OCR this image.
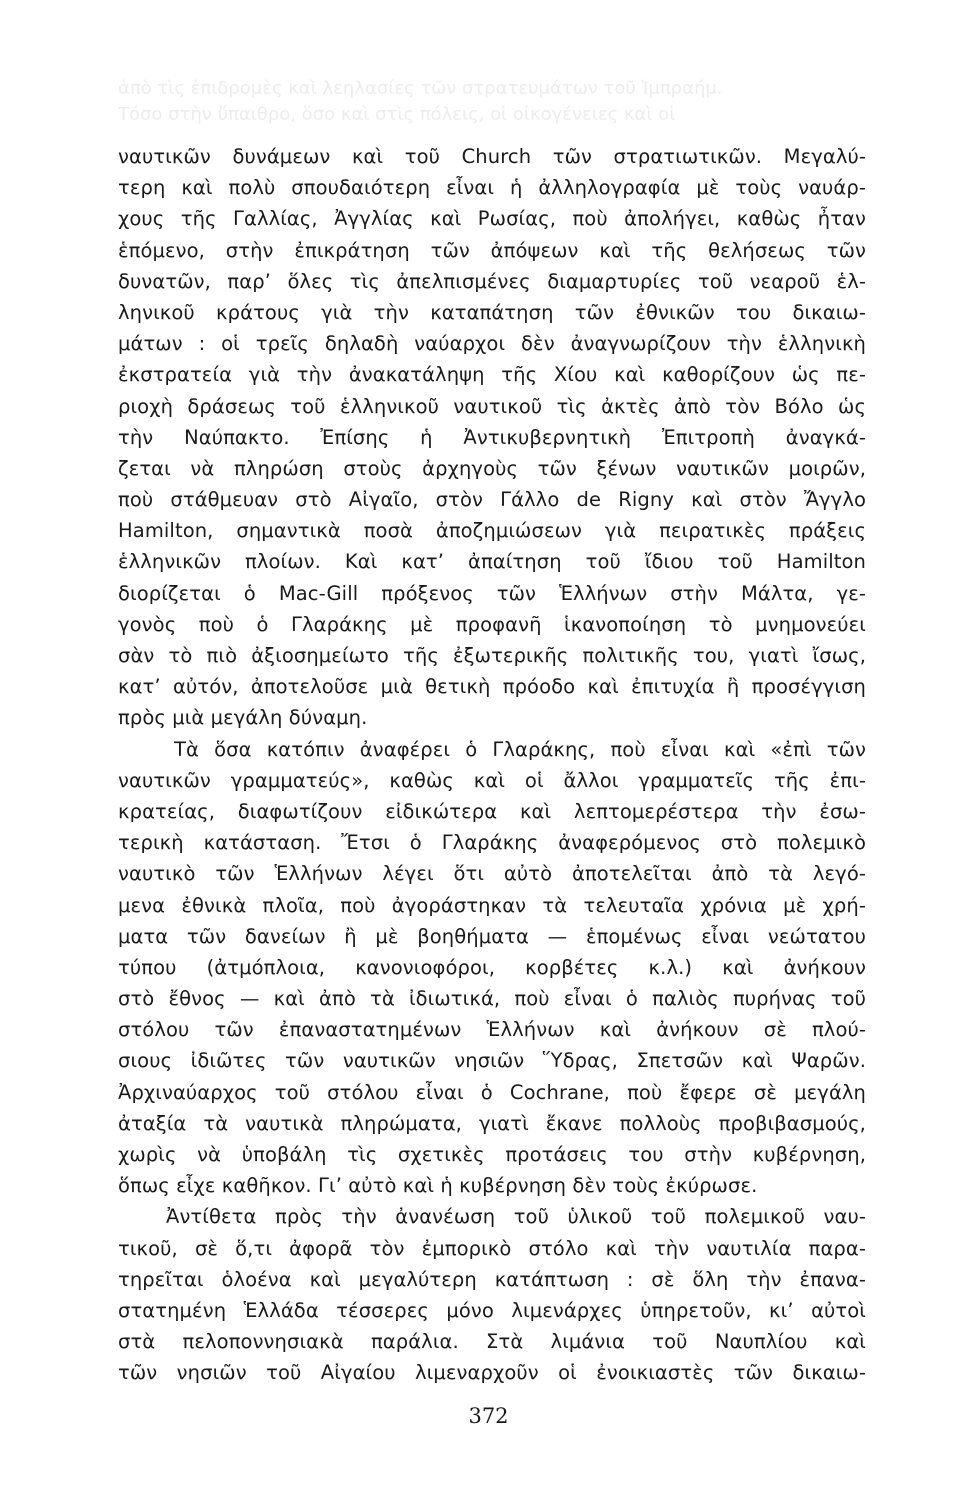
ἀπὸ τὶς ἐπιδρομὲς καὶ λεηλασίες τῶν στρατευμάτων τοῦ Ἰμπραήμ.
Τόσο στὴν ὕπαιθρο, ὅσο καὶ στὶς πόλεις, οἱ οἰκογένειες καὶ οἱ
ναυτικῶν δυνάμεων καὶ τοῦ Church τῶν στρατιωτικῶν. Μεγαλύ-
τερη καὶ πολὺ σπουδαιότερη εἶναι ἡ ἀλληλογραφία μὲ τοὺς ναυάρ-
χους τῆς Γαλλίας, Ἀγγλίας καὶ Ρωσίας, ποὺ ἀπολήγει, καθὼς ἦταν
ἑπόμενο, στὴν ἐπικράτηση τῶν ἀπόψεων καὶ τῆς θελήσεως τῶν
δυνατῶν, παρ’ ὅλες τὶς ἀπελπισμένες διαμαρτυρίες τοῦ νεαροῦ ἑλ-
ληνικοῦ κράτους γιὰ τὴν καταπάτηση τῶν ἐθνικῶν του δικαιω-
μάτων : οἱ τρεῖς δηλαδὴ ναύαρχοι δὲν ἀναγνωρίζουν τὴν ἑλληνικὴ
ἐκστρατεία γιὰ τὴν ἀνακατάληψη τῆς Χίου καὶ καθορίζουν ὡς πε-
ριοχὴ δράσεως τοῦ ἑλληνικοῦ ναυτικοῦ τὶς ἀκτὲς ἀπὸ τὸν Βόλο ὡς
τὴν Ναύπακτο. Ἐπίσης ἡ Ἀντικυβερνητικὴ Ἐπιτροπὴ ἀναγκά-
ζεται νὰ πληρώση στοὺς ἀρχηγοὺς τῶν ξένων ναυτικῶν μοιρῶν,
ποὺ στάθμευαν στὸ Αἰγαῖο, στὸν Γάλλο de Rigny καὶ στὸν Ἄγγλο
Hamilton, σημαντικὰ ποσὰ ἀποζημιώσεων γιὰ πειρατικὲς πράξεις
ἑλληνικῶν πλοίων. Καὶ κατ’ ἀπαίτηση τοῦ ἴδιου τοῦ Hamilton
διορίζεται ὁ Mac-Gill πρόξενος τῶν Ἑλλήνων στὴν Μάλτα, γε-
γονὸς ποὺ ὁ Γλαράκης μὲ προφανῆ ἱκανοποίηση τὸ μνημονεύει
σὰν τὸ πιὸ ἀξιοσημείωτο τῆς ἐξωτερικῆς πολιτικῆς του, γιατὶ ἴσως,
κατ’ αὐτόν, ἀποτελοῦσε μιὰ θετικὴ πρόοδο καὶ ἐπιτυχία ἢ προσέγγιση
πρὸς μιὰ μεγάλη δύναμη.
Τὰ ὅσα κατόπιν ἀναφέρει ὁ Γλαράκης, ποὺ εἶναι καὶ «ἐπὶ τῶν
ναυτικῶν γραμματεύς», καθὼς καὶ οἱ ἄλλοι γραμματεῖς τῆς ἐπι-
κρατείας, διαφωτίζουν εἰδικώτερα καὶ λεπτομερέστερα τὴν ἐσω-
τερικὴ κατάσταση. Ἔτσι ὁ Γλαράκης ἀναφερόμενος στὸ πολεμικὸ
ναυτικὸ τῶν Ἑλλήνων λέγει ὅτι αὐτὸ ἀποτελεῖται ἀπὸ τὰ λεγό-
μενα ἐθνικὰ πλοῖα, ποὺ ἀγοράστηκαν τὰ τελευταῖα χρόνια μὲ χρή-
ματα τῶν δανείων ἢ μὲ βοηθήματα — ἑπομένως εἶναι νεώτατου
τύπου (ἀτμόπλοια, κανονιοφόροι, κορβέτες κ.λ.) καὶ ἀνήκουν
στὸ ἔθνος — καὶ ἀπὸ τὰ ἰδιωτικά, ποὺ εἶναι ὁ παλιὸς πυρήνας τοῦ
στόλου τῶν ἐπαναστατημένων Ἑλλήνων καὶ ἀνήκουν σὲ πλού-
σιους ἰδιῶτες τῶν ναυτικῶν νησιῶν Ὕδρας, Σπετσῶν καὶ Ψαρῶν.
Ἀρχιναύαρχος τοῦ στόλου εἶναι ὁ Cochrane, ποὺ ἔφερε σὲ μεγάλη
ἀταξία τὰ ναυτικὰ πληρώματα, γιατὶ ἔκανε πολλοὺς προβιβασμούς,
χωρὶς νὰ ὑποβάλη τὶς σχετικὲς προτάσεις του στὴν κυβέρνηση,
ὅπως εἶχε καθῆκον. Γι’ αὐτὸ καὶ ἡ κυβέρνηση δὲν τοὺς ἐκύρωσε.
Ἀντίθετα πρὸς τὴν ἀνανέωση τοῦ ὑλικοῦ τοῦ πολεμικοῦ ναυ-
τικοῦ, σὲ ὅ,τι ἀφορᾶ τὸν ἐμπορικὸ στόλο καὶ τὴν ναυτιλία παρα-
τηρεῖται ὁλοένα καὶ μεγαλύτερη κατάπτωση : σὲ ὅλη τὴν ἐπανα-
στατημένη Ἑλλάδα τέσσερες μόνο λιμενάρχες ὑπηρετοῦν, κι’ αὐτοὶ
στὰ πελοποννησιακὰ παράλια. Στὰ λιμάνια τοῦ Ναυπλίου καὶ
τῶν νησιῶν τοῦ Αἰγαίου λιμεναρχοῦν οἱ ἐνοικιαστὲς τῶν δικαιω-
372
